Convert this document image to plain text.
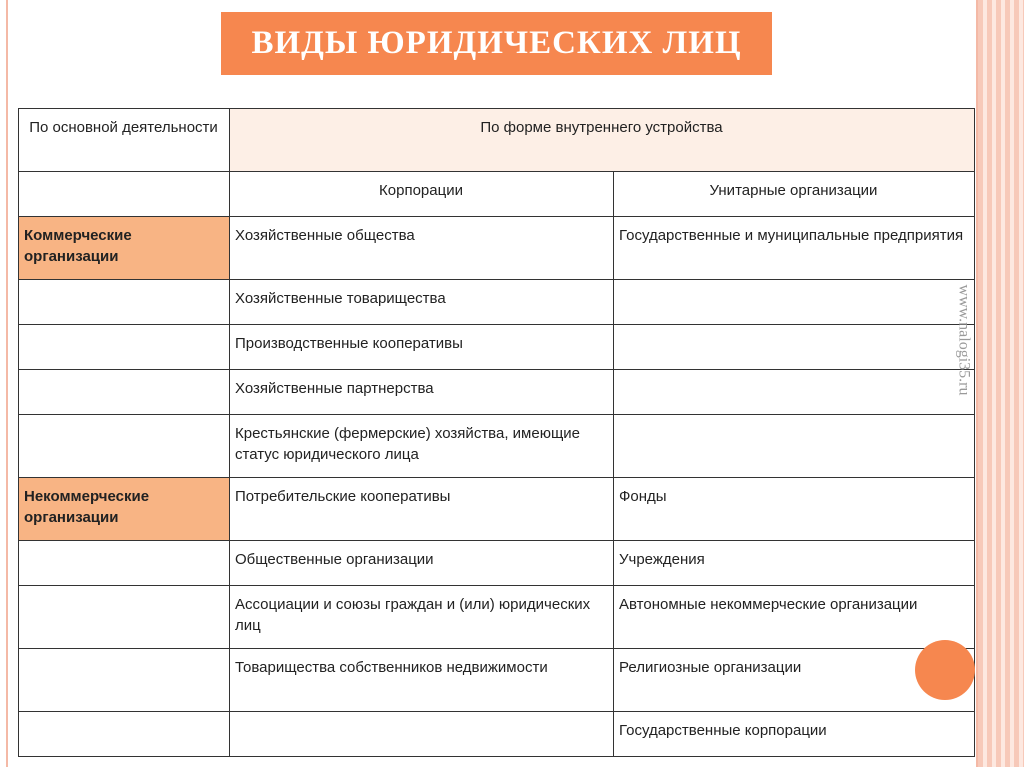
ВИДЫ ЮРИДИЧЕСКИХ ЛИЦ
По основной деятельности	По форме внутреннего устройства	
	Корпорации	Унитарные организации
Коммерческие организации	Хозяйственные общества	Государственные и муниципальные предприятия
	Хозяйственные товарищества	
	Производственные кооперативы	
	Хозяйственные партнерства	
	Крестьянские (фермерские) хозяйства, имеющие статус юридического лица	
Некоммерческие организации	Потребительские кооперативы	Фонды
	Общественные организации	Учреждения
	Ассоциации и союзы граждан и (или) юридических лиц	Автономные некоммерческие организации
	Товарищества собственников недвижимости	Религиозные организации
		Государственные корпорации
www.nalogi35.ru
